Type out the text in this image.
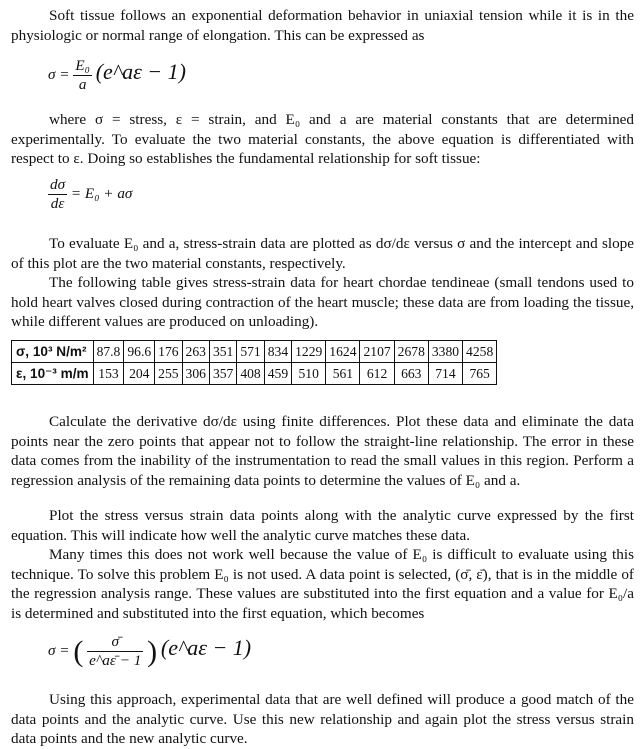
Soft tissue follows an exponential deformation behavior in uniaxial tension while it is in the physiologic or normal range of elongation. This can be expressed as

$\sigma = \frac{\text{E₀}}{a}$ (e^aε − 1)

where σ = stress, ε = strain, and E₀ and a are material constants that are determined experimentally. To evaluate the two material constants, the above equation is differentiated with respect to ε. Doing so establishes the fundamental relationship for soft tissue:

$\frac{d\sigma}{d\varepsilon} = E_0 + a\sigma$

To evaluate E₀ and a, stress-strain data are plotted as dσ/dε versus σ and the intercept and slope of this plot are the two material constants, respectively.

The following table gives stress-strain data for heart chordae tendineae (small tendons used to hold heart valves closed during contraction of the heart muscle; these data are from loading the tissue, while different values are produced on unloading).

σ, 10³ N/m²	87.8	96.6	176	263	351	571	834	1229	1624	2107	2678	3380	4258
ε, 10⁻³ m/m	153	204	255	306	357	408	459	510	561	612	663	714	765

Calculate the derivative dσ/dε using finite differences. Plot these data and eliminate the data points near the zero points that appear not to follow the straight-line relationship. The error in these data comes from the inability of the instrumentation to read the small values in this region. Perform a regression analysis of the remaining data points to determine the values of E₀ and a.

Plot the stress versus strain data points along with the analytic curve expressed by the first equation. This will indicate how well the analytic curve matches these data.

Many times this does not work well because the value of E₀ is difficult to evaluate using this technique. To solve this problem E₀ is not used. A data point is selected, (σ̄, ε̄), that is in the middle of the regression analysis range. These values are substituted into the first equation and a value for E₀/a is determined and substituted into the first equation, which becomes

σ = ( $\frac{\sigmā}{e\^{}a\varepsilon̄ - 1}$ ) (e^aε − 1)

Using this approach, experimental data that are well defined will produce a good match of the data points and the analytic curve. Use this new relationship and again plot the stress versus strain data points and the new analytic curve.
